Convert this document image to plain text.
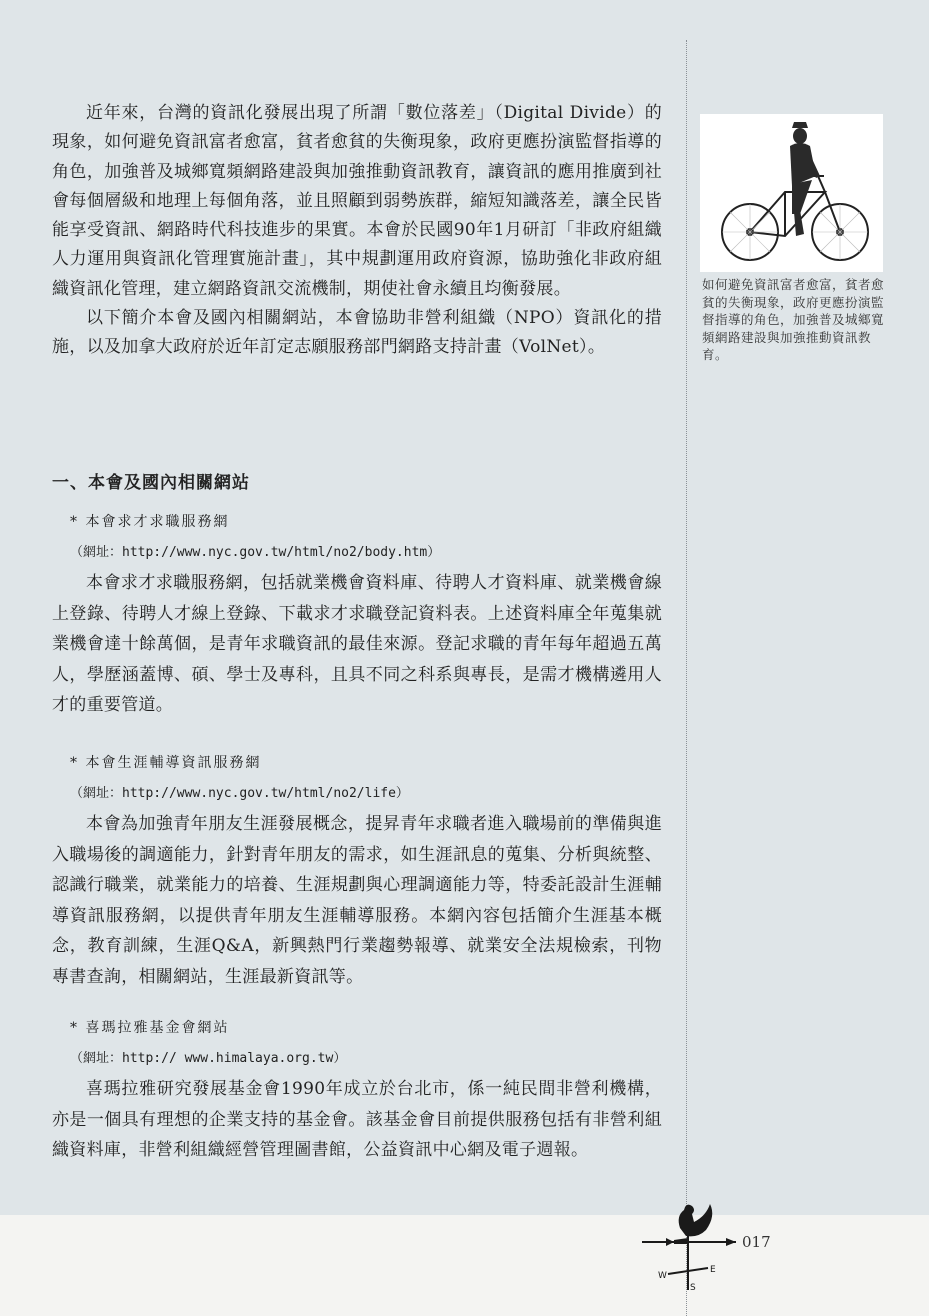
近年來，台灣的資訊化發展出現了所謂「數位落差」（Digital Divide）的現象，如何避免資訊富者愈富，貧者愈貧的失衡現象，政府更應扮演監督指導的角色，加強普及城鄉寬頻網路建設與加強推動資訊教育，讓資訊的應用推廣到社會每個層級和地理上每個角落，並且照顧到弱勢族群，縮短知識落差，讓全民皆能享受資訊、網路時代科技進步的果實。本會於民國90年1月研訂「非政府組織人力運用與資訊化管理實施計畫」，其中規劃運用政府資源，協助強化非政府組織資訊化管理，建立網路資訊交流機制，期使社會永續且均衡發展。

以下簡介本會及國內相關網站，本會協助非營利組織（NPO）資訊化的措施，以及加拿大政府於近年訂定志願服務部門網路支持計畫（VolNet）。

一、本會及國內相關網站

* 本會求才求職服務網

（網址：http://www.nyc.gov.tw/html/no2/body.htm）

本會求才求職服務網，包括就業機會資料庫、待聘人才資料庫、就業機會線上登錄、待聘人才線上登錄、下載求才求職登記資料表。上述資料庫全年蒐集就業機會達十餘萬個，是青年求職資訊的最佳來源。登記求職的青年每年超過五萬人，學歷涵蓋博、碩、學士及專科，且具不同之科系與專長，是需才機構遴用人才的重要管道。

* 本會生涯輔導資訊服務網

（網址：http://www.nyc.gov.tw/html/no2/life）

本會為加強青年朋友生涯發展概念，提昇青年求職者進入職場前的準備與進入職場後的調適能力，針對青年朋友的需求，如生涯訊息的蒐集、分析與統整、認識行職業，就業能力的培養、生涯規劃與心理調適能力等，特委託設計生涯輔導資訊服務網，以提供青年朋友生涯輔導服務。本網內容包括簡介生涯基本概念，教育訓練，生涯Q&A，新興熱門行業趨勢報導、就業安全法規檢索，刊物專書查詢，相關網站，生涯最新資訊等。

* 喜瑪拉雅基金會網站

（網址：http:// www.himalaya.org.tw）

喜瑪拉雅研究發展基金會1990年成立於台北市，係一純民間非營利機構，亦是一個具有理想的企業支持的基金會。該基金會目前提供服務包括有非營利組織資料庫，非營利組織經營管理圖書館，公益資訊中心網及電子週報。

如何避免資訊富者愈富，貧者愈貧的失衡現象，政府更應扮演監督指導的角色，加強普及城鄉寬頻網路建設與加強推動資訊教育。

W
E
S
017
